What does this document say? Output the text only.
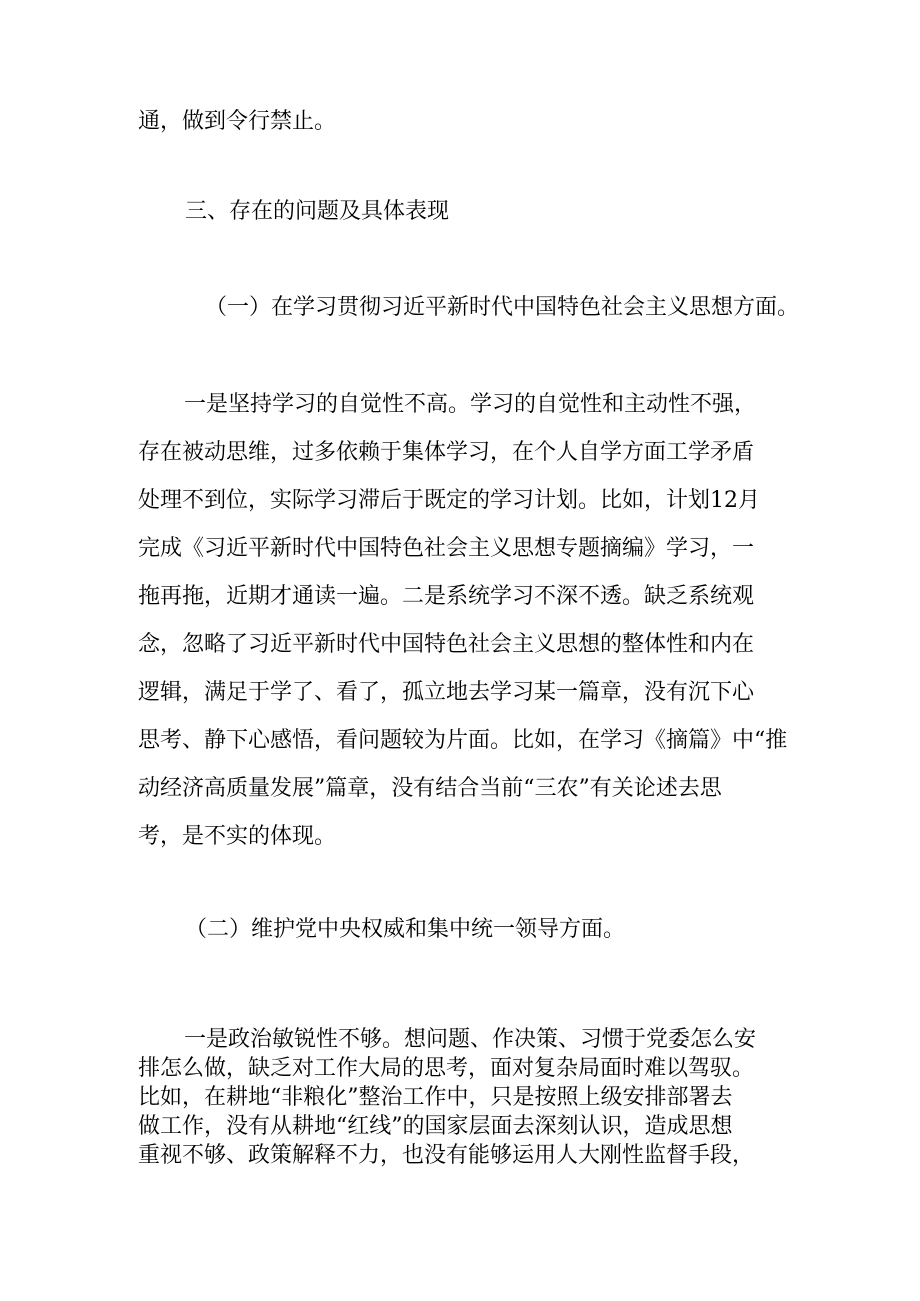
通，做到令行禁止。

三、存在的问题及具体表现

（一）在学习贯彻习近平新时代中国特色社会主义思想方面。

一是坚持学习的自觉性不高。学习的自觉性和主动性不强，
存在被动思维，过多依赖于集体学习，在个人自学方面工学矛盾
处理不到位，实际学习滞后于既定的学习计划。比如，计划12月
完成《习近平新时代中国特色社会主义思想专题摘编》学习，一
拖再拖，近期才通读一遍。二是系统学习不深不透。缺乏系统观
念，忽略了习近平新时代中国特色社会主义思想的整体性和内在
逻辑，满足于学了、看了，孤立地去学习某一篇章，没有沉下心
思考、静下心感悟，看问题较为片面。比如，在学习《摘篇》中“推
动经济高质量发展”篇章，没有结合当前“三农”有关论述去思
考，是不实的体现。

（二）维护党中央权威和集中统一领导方面。

一是政治敏锐性不够。想问题、作决策、习惯于党委怎么安
排怎么做，缺乏对工作大局的思考，面对复杂局面时难以驾驭。
比如，在耕地“非粮化”整治工作中，只是按照上级安排部署去
做工作，没有从耕地“红线”的国家层面去深刻认识，造成思想
重视不够、政策解释不力，也没有能够运用人大刚性监督手段，
